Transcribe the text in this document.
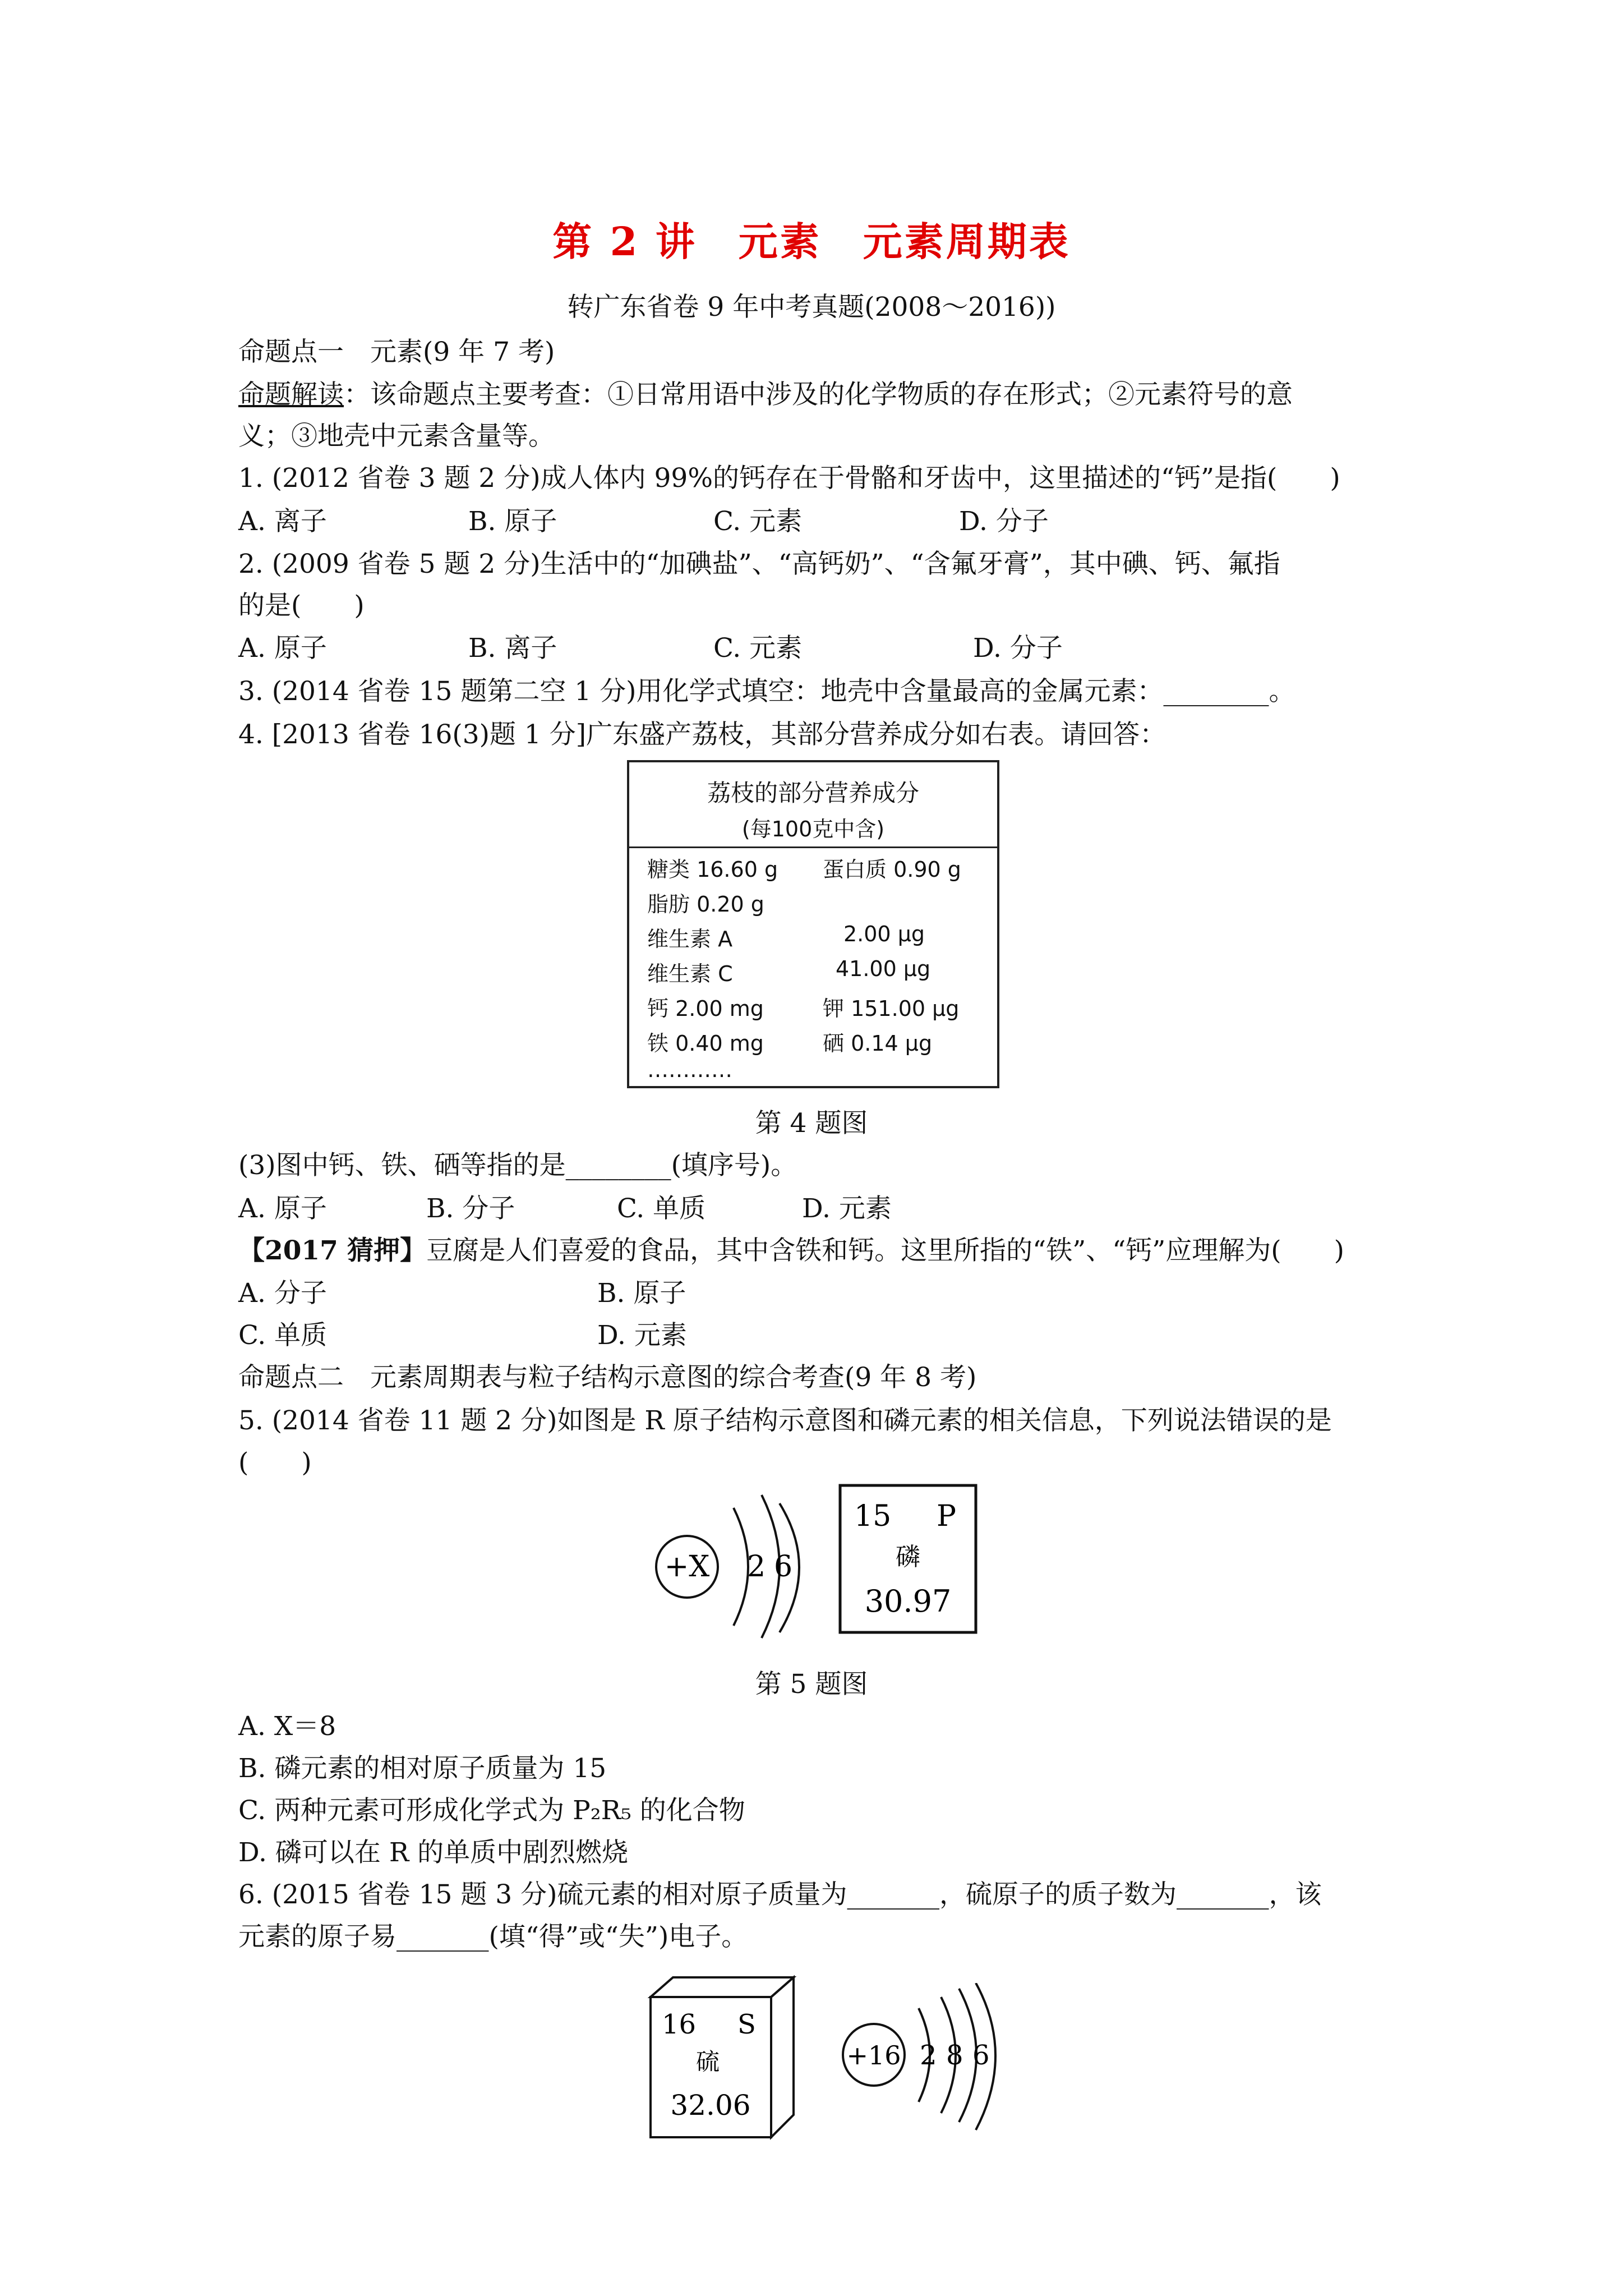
第 2 讲　元素　元素周期表
转广东省卷 9 年中考真题(2008～2016))
命题点一　元素(9 年 7 考)
命题解读：该命题点主要考查：①日常用语中涉及的化学物质的存在形式；②元素符号的意
义；③地壳中元素含量等。
1. (2012 省卷 3 题 2 分)成人体内 99%的钙存在于骨骼和牙齿中，这里描述的“钙”是指(　　)
A. 离子	B. 原子	C. 元素	D. 分子
2. (2009 省卷 5 题 2 分)生活中的“加碘盐”、“高钙奶”、“含氟牙膏”，其中碘、钙、氟指
的是(　　)
A. 原子	B. 离子	C. 元素	D. 分子
3. (2014 省卷 15 题第二空 1 分)用化学式填空：地壳中含量最高的金属元素：________。
4. [2013 省卷 16(3)题 1 分]广东盛产荔枝，其部分营养成分如右表。请回答：
荔枝的部分营养成分
(每100克中含)
糖类 16.60 g 蛋白质 0.90 g
脂肪 0.20 g
维生素 A	2.00 μg
维生素 C	41.00 μg
钙 2.00 mg	钾 151.00 μg
铁 0.40 mg	硒 0.14 μg
…………
第 4 题图
(3)图中钙、铁、硒等指的是________(填序号)。
A. 原子	B. 分子	C. 单质	D. 元素
【2017 猜押】豆腐是人们喜爱的食品，其中含铁和钙。这里所指的“铁”、“钙”应理解为(　　)
A. 分子	B. 原子
C. 单质	D. 元素
命题点二　元素周期表与粒子结构示意图的综合考查(9 年 8 考)
5. (2014 省卷 11 题 2 分)如图是 R 原子结构示意图和磷元素的相关信息，下列说法错误的是
(　　)
+X 2 6
15 P
磷
30.97
第 5 题图
A. X＝8
B. 磷元素的相对原子质量为 15
C. 两种元素可形成化学式为 P₂R₅ 的化合物
D. 磷可以在 R 的单质中剧烈燃烧
6. (2015 省卷 15 题 3 分)硫元素的相对原子质量为_______，硫原子的质子数为_______，该
元素的原子易_______(填“得”或“失”)电子。
16 S
硫
32.06
+16 2 8 6
